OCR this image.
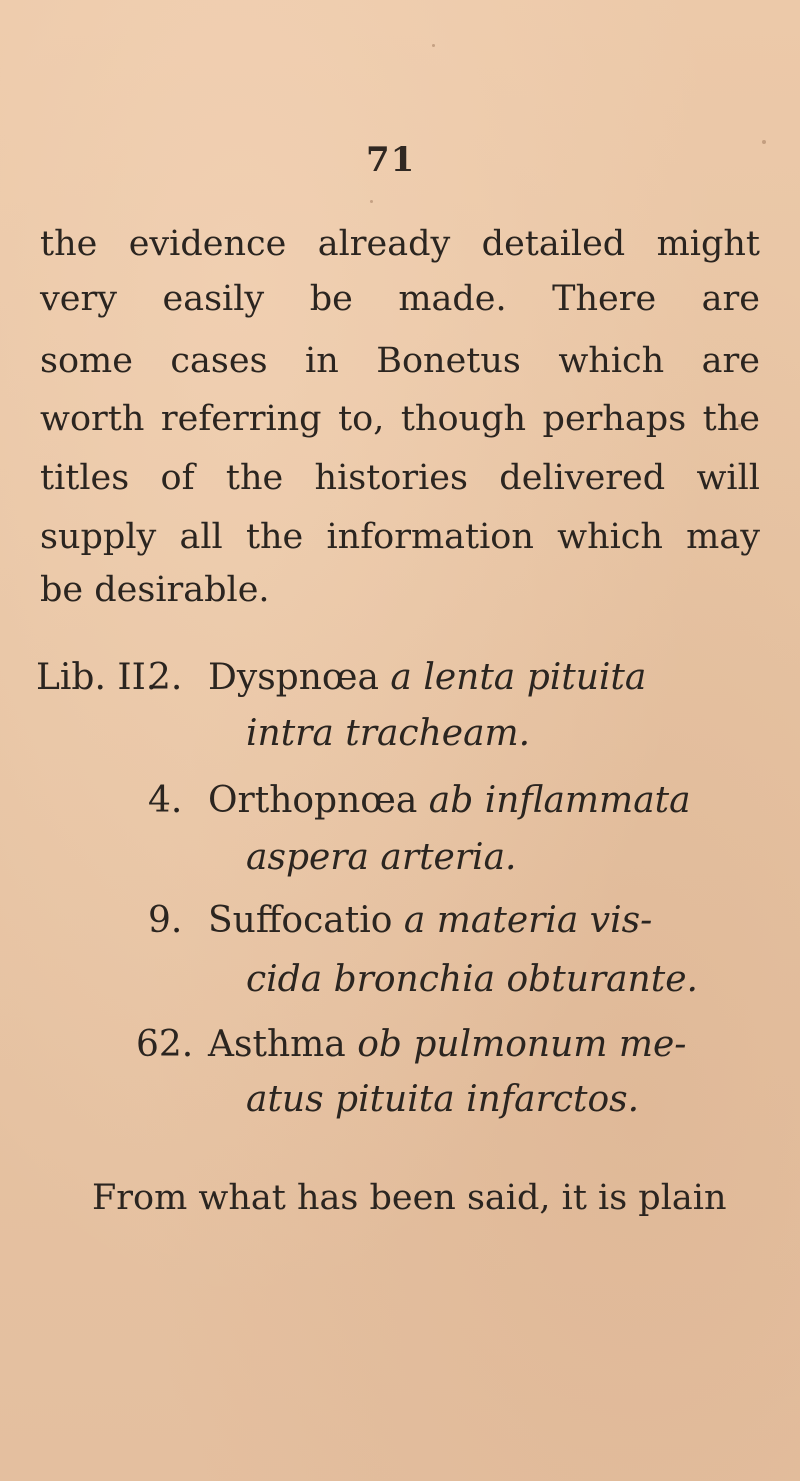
71
the evidence already detailed might
very easily be made. There are
some cases in Bonetus which are
worth referring to, though perhaps the
titles of the histories delivered will
supply all the information which may
be desirable.
Lib. II.
2. Dyspnœa a lenta pituita
intra tracheam.
4. Orthopnœa ab inflammata
aspera arteria.
9. Suffocatio a materia vis-
cida bronchia obturante.
62. Asthma ob pulmonum me-
atus pituita infarctos.
From what has been said, it is plain
